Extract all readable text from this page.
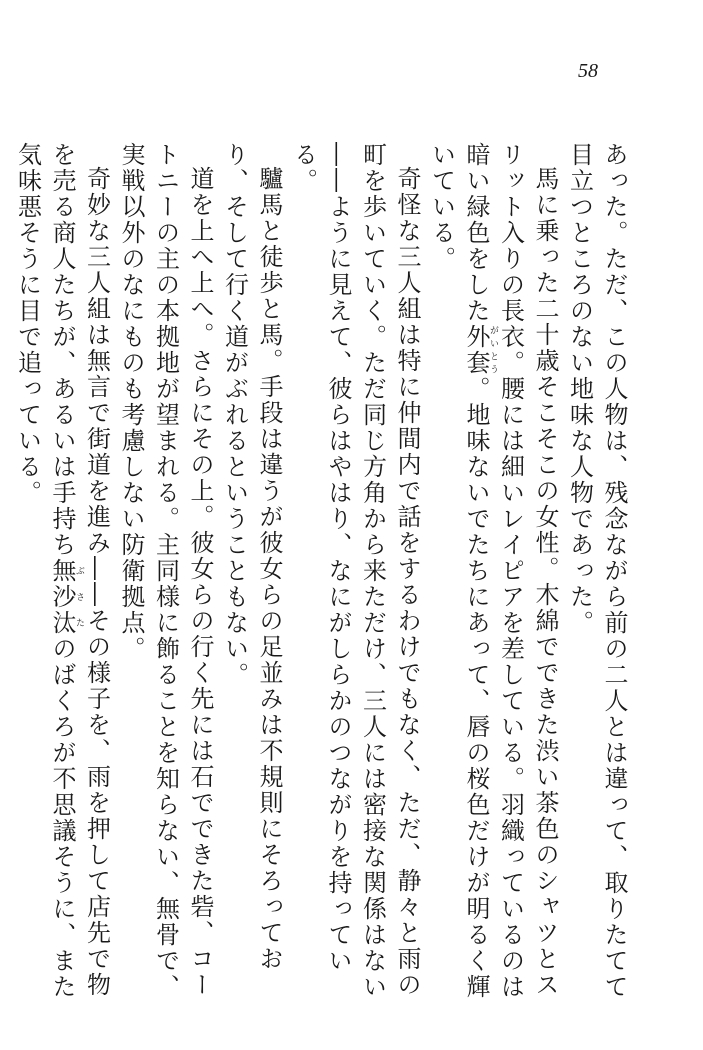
58

あった。ただ、この人物は、残念ながら前の二人とは違って、取りたてて目立つところのない地味な人物であった。

馬に乗った二十歳そこそこの女性。木綿でできた渋い茶色のシャツとスリット入りの長衣。腰には細いレイピアを差している。羽織っているのは暗い緑色をした外套がいとう。地味ないでたちにあって、唇の桜色だけが明るく輝いている。

奇怪な三人組は特に仲間内で話をするわけでもなく、ただ、静々と雨の町を歩いていく。ただ同じ方角から来ただけ、三人には密接な関係はない――ように見えて、彼らはやはり、なにがしらかのつながりを持っている。

驢馬と徒歩と馬。手段は違うが彼女らの足並みは不規則にそろっており、そして行く道がぶれるということもない。

道を上へ上へ。さらにその上。彼女らの行く先には石でできた砦、コートニーの主の本拠地が望まれる。主同様に飾ることを知らない、無骨で、実戦以外のなにものも考慮しない防衛拠点。

奇妙な三人組は無言で街道を進み――その様子を、雨を押して店先で物を売る商人たちが、あるいは手持ち無沙汰ぶさたのばくろが不思議そうに、また気味悪そうに目で追っている。
